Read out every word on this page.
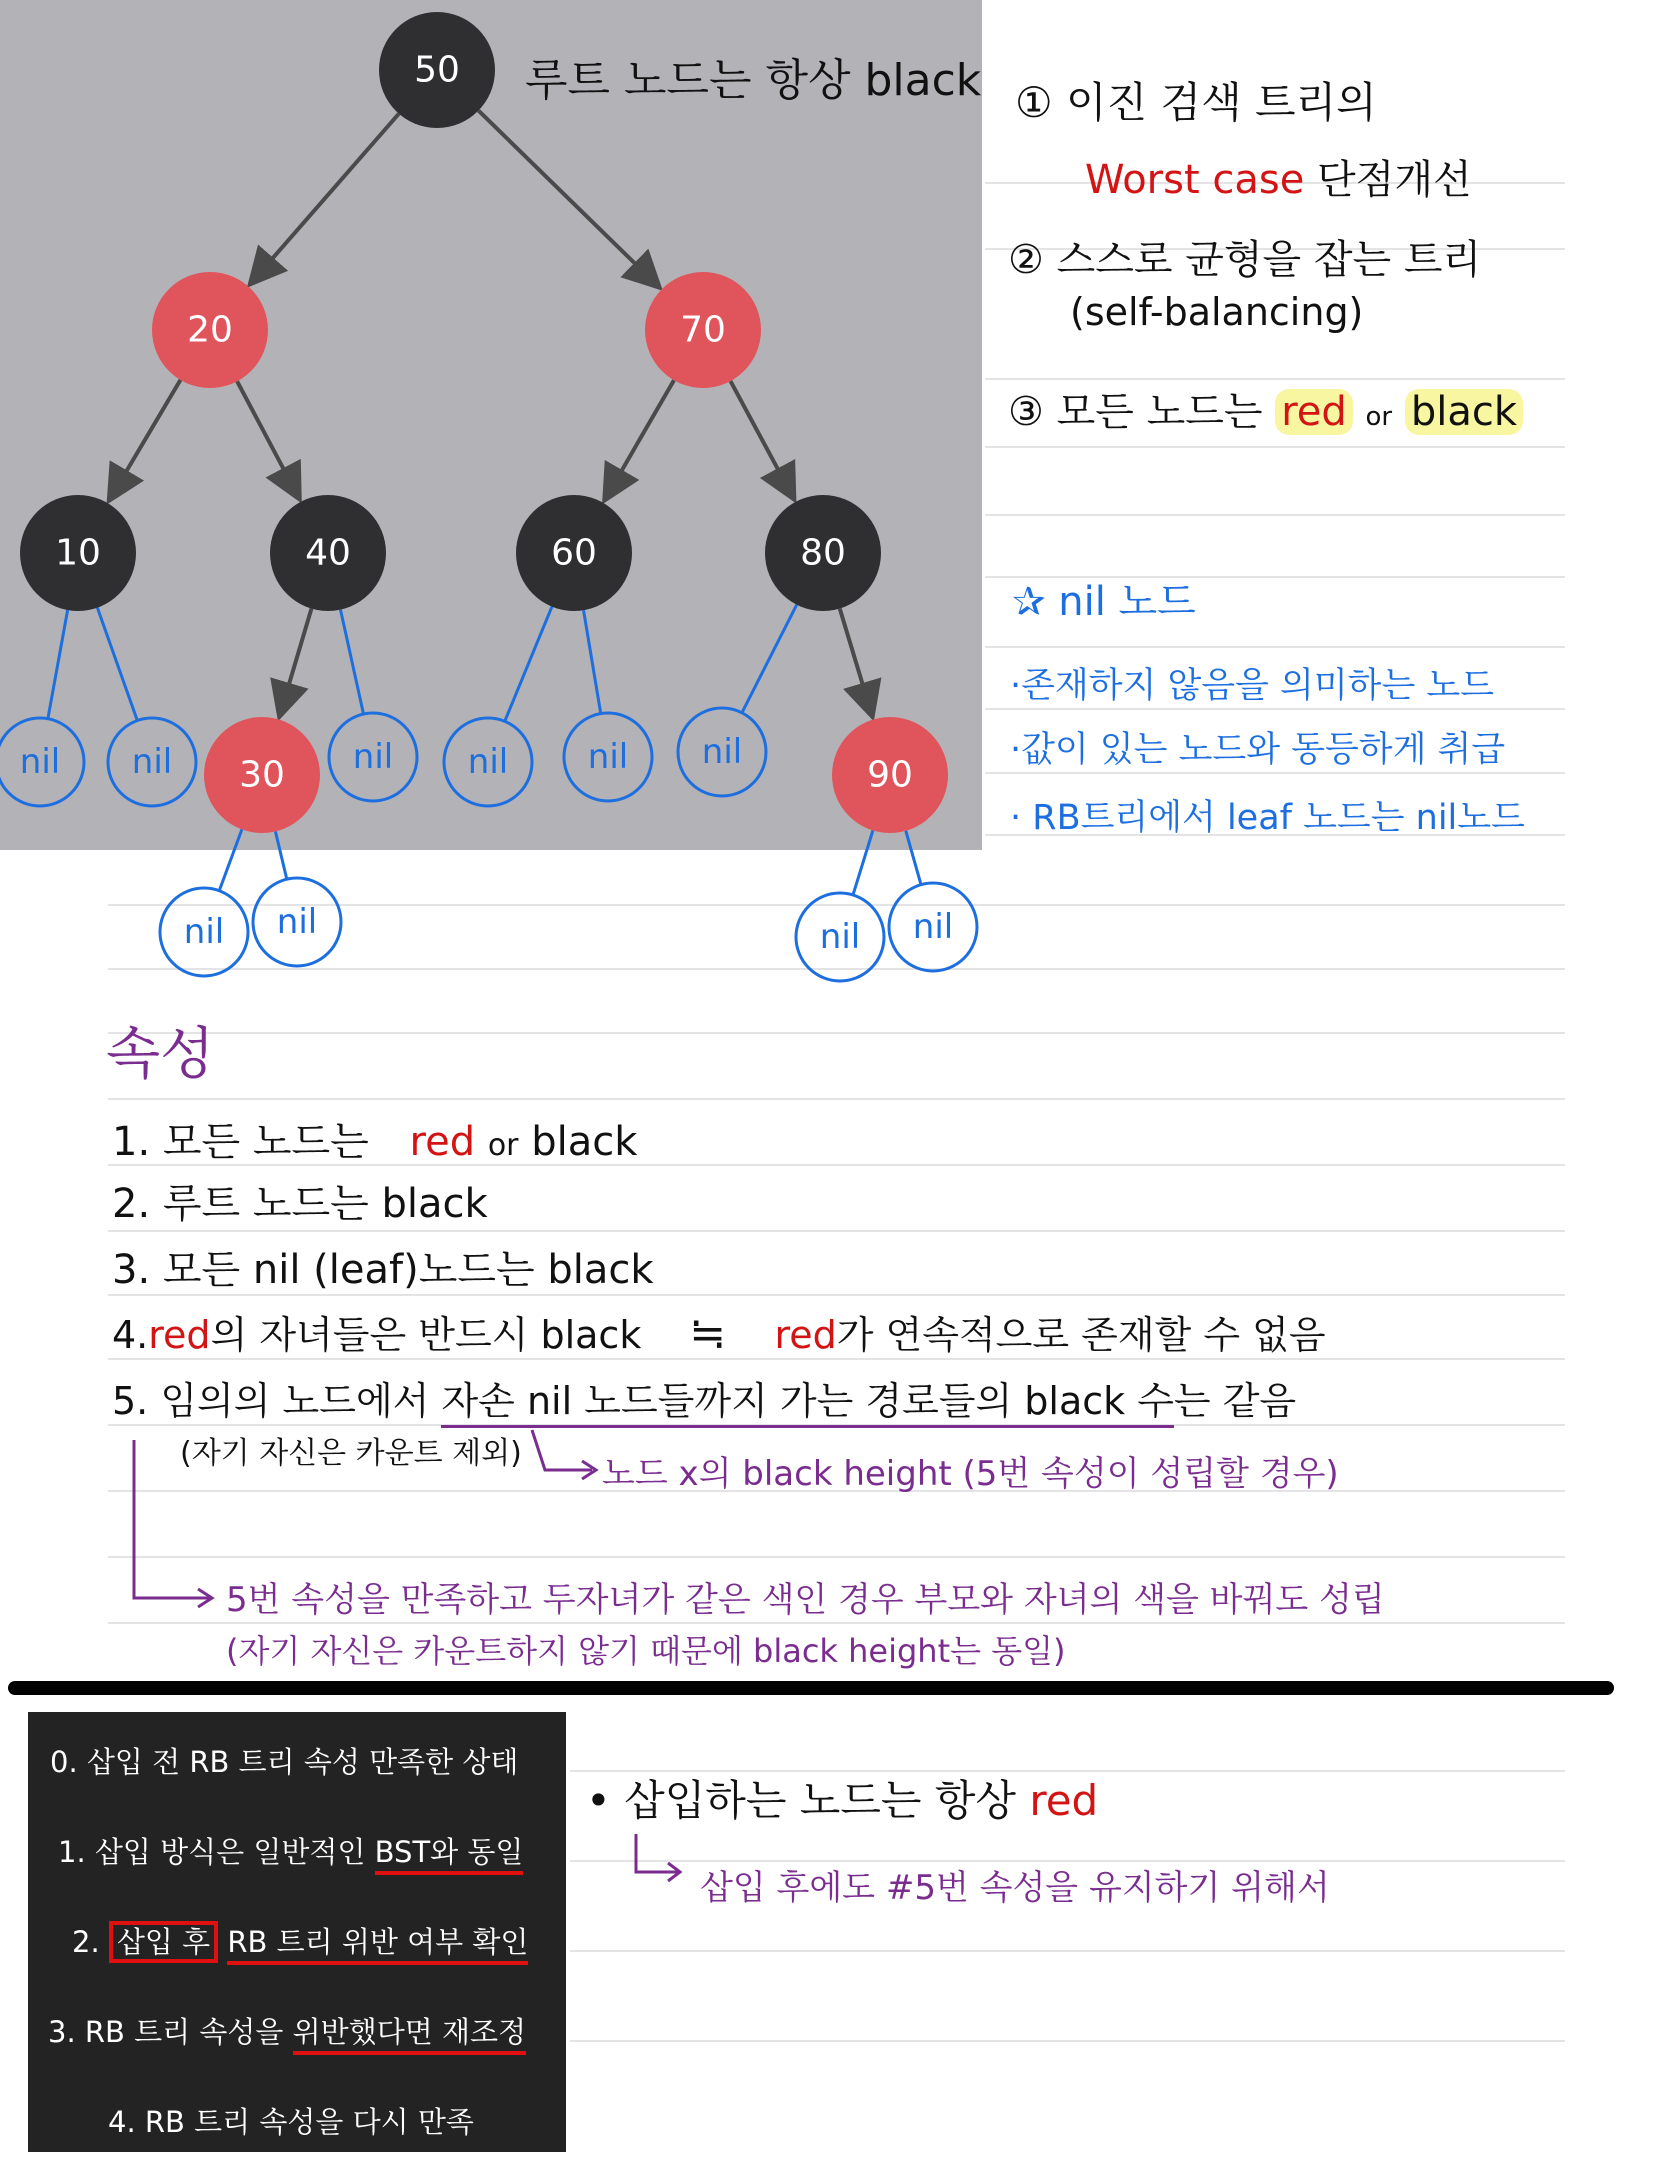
50
20	70
10	40	60	80
30	90
nil nil	nil nil nil nil
nil nil	nil nil
루트 노드는 항상 black ① 이진 검색 트리의
Worst case 단점개선
② 스스로 균형을 잡는 트리
(self-balancing)
③ 모든 노드는 red or black
✰ nil 노드
·존재하지 않음을 의미하는 노드
·값이 있는 노드와 동등하게 취급
· RB트리에서 leaf 노드는 nil노드
속성
1. 모든 노드는 red or black
2. 루트 노드는 black
3. 모든 nil (leaf)노드는 black
4.red의 자녀들은 반드시 black ≒ red가 연속적으로 존재할 수 없음
5. 임의의 노드에서 자손 nil 노드들까지 가는 경로들의 black 수는 같음
(자기 자신은 카운트 제외)
노드 x의 black height (5번 속성이 성립할 경우)
5번 속성을 만족하고 두자녀가 같은 색인 경우 부모와 자녀의 색을 바꿔도 성립
(자기 자신은 카운트하지 않기 때문에 black height는 동일)
0. 삽입 전 RB 트리 속성 만족한 상태
1. 삽입 방식은 일반적인 BST와 동일
2. 삽입 후 RB 트리 위반 여부 확인
3. RB 트리 속성을 위반했다면 재조정
4. RB 트리 속성을 다시 만족
• 삽입하는 노드는 항상 red
삽입 후에도 #5번 속성을 유지하기 위해서
